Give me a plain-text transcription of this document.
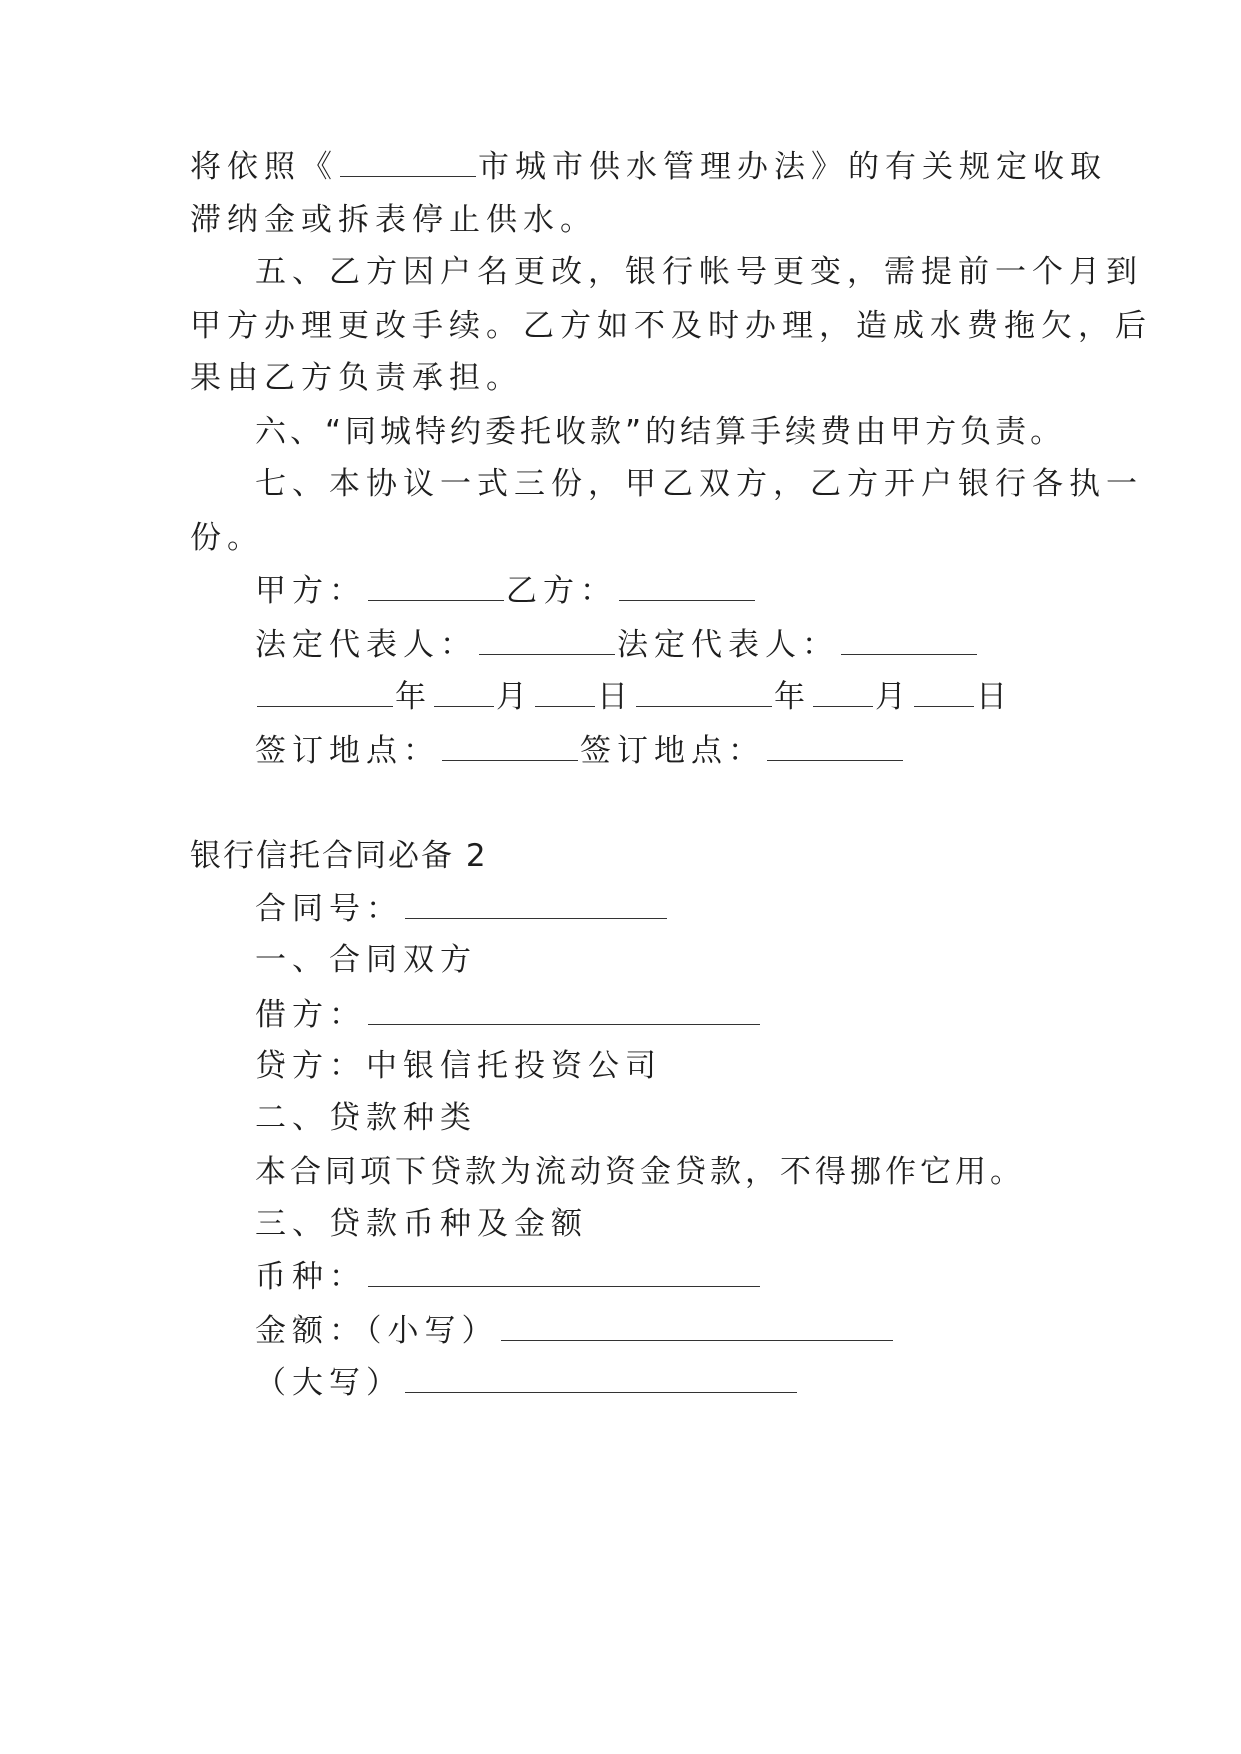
将依照《	市城市供水管理办法》的有关规定收取
滞纳金或拆表停止供水。
五、乙方因户名更改，银行帐号更变，需提前一个月到
甲方办理更改手续。乙方如不及时办理，造成水费拖欠，后
果由乙方负责承担。
六、“同城特约委托收款”的结算手续费由甲方负责。
七、本协议一式三份，甲乙双方，乙方开户银行各执一
份。
甲方：	乙方：
法定代表人：	法定代表人：
年 月 日	年 月 日
签订地点：	签订地点：
银行信托合同必备 2
合同号：
一、合同双方
借方：
贷方：中银信托投资公司
二、贷款种类
本合同项下贷款为流动资金贷款，不得挪作它用。
三、贷款币种及金额
币种：
金额：（小写）
（大写）
